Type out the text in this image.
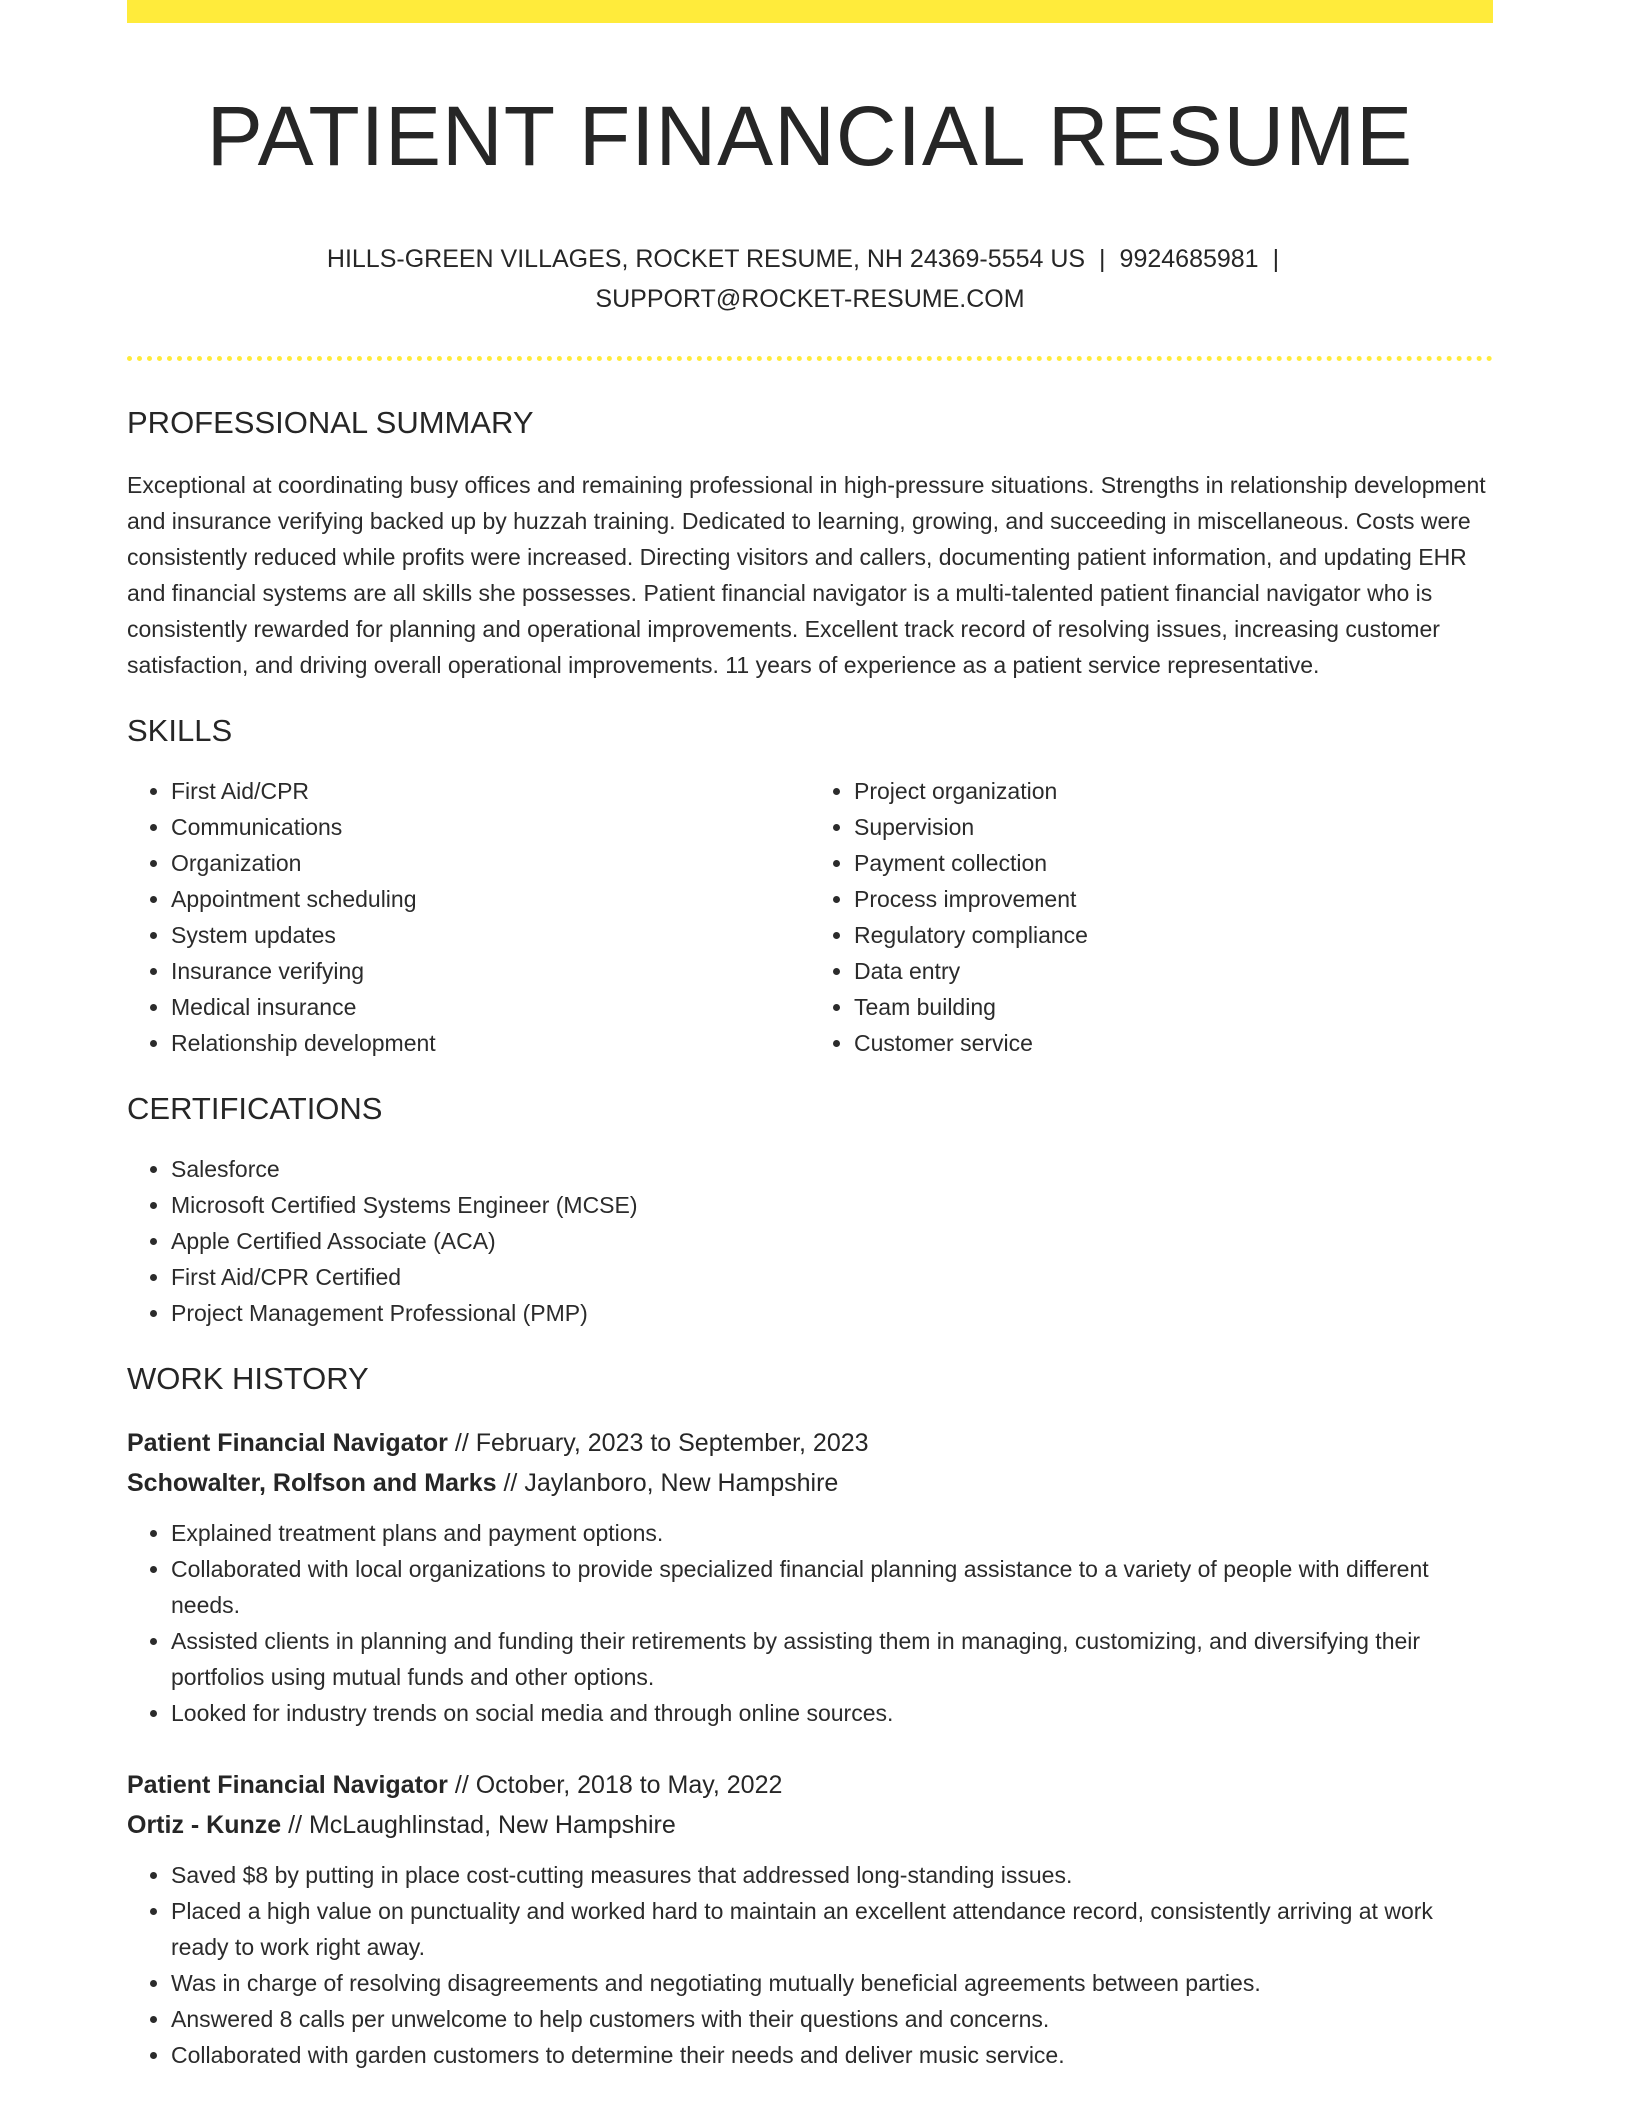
PATIENT FINANCIAL RESUME
HILLS-GREEN VILLAGES, ROCKET RESUME, NH 24369-5554 US | 9924685981 |
SUPPORT@ROCKET-RESUME.COM
PROFESSIONAL SUMMARY

Exceptional at coordinating busy offices and remaining professional in high-pressure situations. Strengths in relationship development and insurance verifying backed up by huzzah training. Dedicated to learning, growing, and succeeding in miscellaneous. Costs were consistently reduced while profits were increased. Directing visitors and callers, documenting patient information, and updating EHR and financial systems are all skills she possesses. Patient financial navigator is a multi-talented patient financial navigator who is consistently rewarded for planning and operational improvements. Excellent track record of resolving issues, increasing customer satisfaction, and driving overall operational improvements. 11 years of experience as a patient service representative.

SKILLS
• First Aid/CPR
• Communications
• Organization
• Appointment scheduling
• System updates
• Insurance verifying
• Medical insurance
• Relationship development
• Project organization
• Supervision
• Payment collection
• Process improvement
• Regulatory compliance
• Data entry
• Team building
• Customer service
CERTIFICATIONS
• Salesforce
• Microsoft Certified Systems Engineer (MCSE)
• Apple Certified Associate (ACA)
• First Aid/CPR Certified
• Project Management Professional (PMP)
WORK HISTORY
Patient Financial Navigator // February, 2023 to September, 2023
Schowalter, Rolfson and Marks // Jaylanboro, New Hampshire
• Explained treatment plans and payment options.
• Collaborated with local organizations to provide specialized financial planning assistance to a variety of people with different needs.
• Assisted clients in planning and funding their retirements by assisting them in managing, customizing, and diversifying their portfolios using mutual funds and other options.
• Looked for industry trends on social media and through online sources.
Patient Financial Navigator // October, 2018 to May, 2022
Ortiz - Kunze // McLaughlinstad, New Hampshire
• Saved $8 by putting in place cost-cutting measures that addressed long-standing issues.
• Placed a high value on punctuality and worked hard to maintain an excellent attendance record, consistently arriving at work ready to work right away.
• Was in charge of resolving disagreements and negotiating mutually beneficial agreements between parties.
• Answered 8 calls per unwelcome to help customers with their questions and concerns.
• Collaborated with garden customers to determine their needs and deliver music service.
